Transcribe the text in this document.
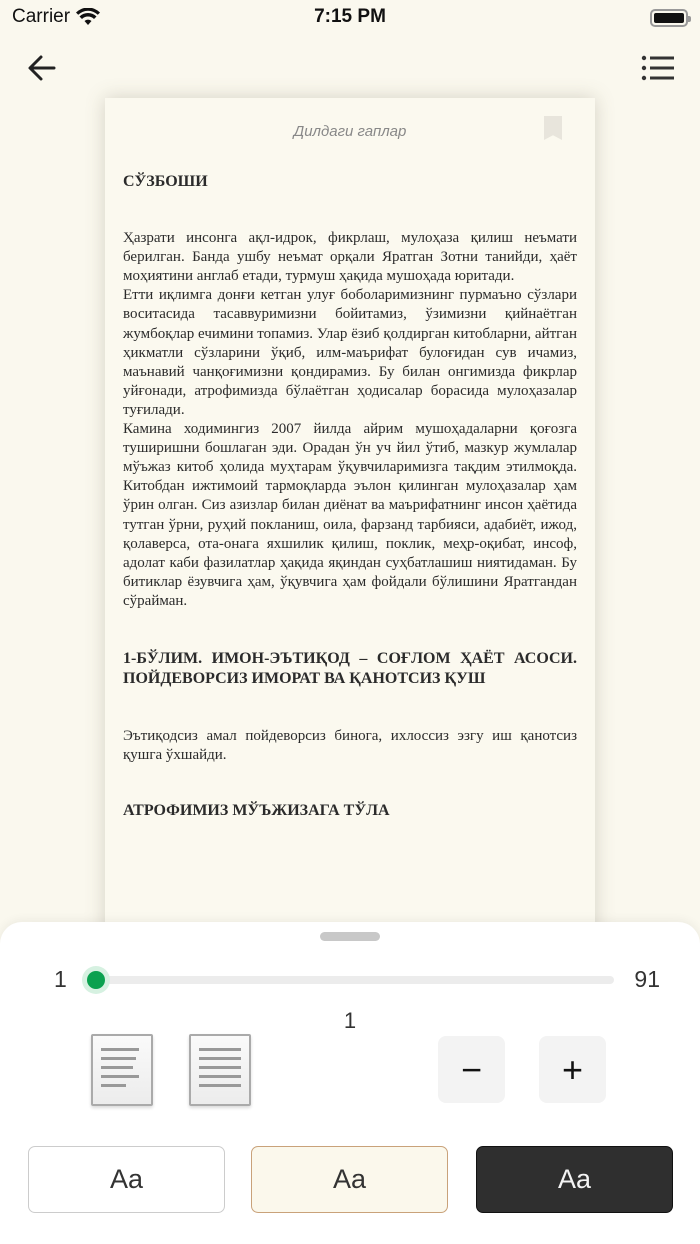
Carrier	7:15 PM
Дилдаги гаплар
СЎЗБОШИ

Ҳазрати инсонга ақл-идрок, фикрлаш, мулоҳаза қилиш неъмати берилган. Банда ушбу неъмат орқали Яратган Зотни танийди, ҳаёт моҳиятини англаб етади, турмуш ҳақида мушоҳада юритади.

Етти иқлимга донғи кетган улуғ боболаримизнинг пурмаъно сўзлари воситасида тасаввуримизни бойитамиз, ўзимизни қийнаётган жумбоқлар ечимини топамиз. Улар ёзиб қолдирган китобларни, айтган ҳикматли сўзларини ўқиб, илм-маърифат булоғидан сув ичамиз, маънавий чанқоғимизни қондирамиз. Бу билан онгимизда фикрлар уйғонади, атрофимизда бўлаётган ҳодисалар борасида мулоҳазалар туғилади.

Камина ходимингиз 2007 йилда айрим мушоҳадаларни қоғозга туширишни бошлаган эди. Орадан ўн уч йил ўтиб, мазкур жумлалар мўъжаз китоб ҳолида муҳтарам ўқувчиларимизга тақдим этилмоқда. Китобдан ижтимоий тармоқларда эълон қилинган мулоҳазалар ҳам ўрин олган. Сиз азизлар билан диёнат ва маърифатнинг инсон ҳаётида тутган ўрни, руҳий покланиш, оила, фарзанд тарбияси, адабиёт, ижод, қолаверса, ота-онага яхшилик қилиш, поклик, меҳр-оқибат, инсоф, адолат каби фазилатлар ҳақида яқиндан суҳбатлашиш ниятидаман. Бу битиклар ёзувчига ҳам, ўқувчига ҳам фойдали бўлишини Яратгандан сўрайман.

1-БЎЛИМ. ИМОН-ЭЪТИҚОД – СОҒЛОМ ҲАЁТ АСОСИ. ПОЙДЕВОРСИЗ ИМОРАТ ВА ҚАНОТСИЗ ҚУШ

Эътиқодсиз амал пойдеворсиз бинога, ихлоссиз эзгу иш қанотсиз қушга ўхшайди.

АТРОФИМИЗ МЎЪЖИЗАГА ТЎЛА
1	91
1
−	+
Aa	Aa	Aa
